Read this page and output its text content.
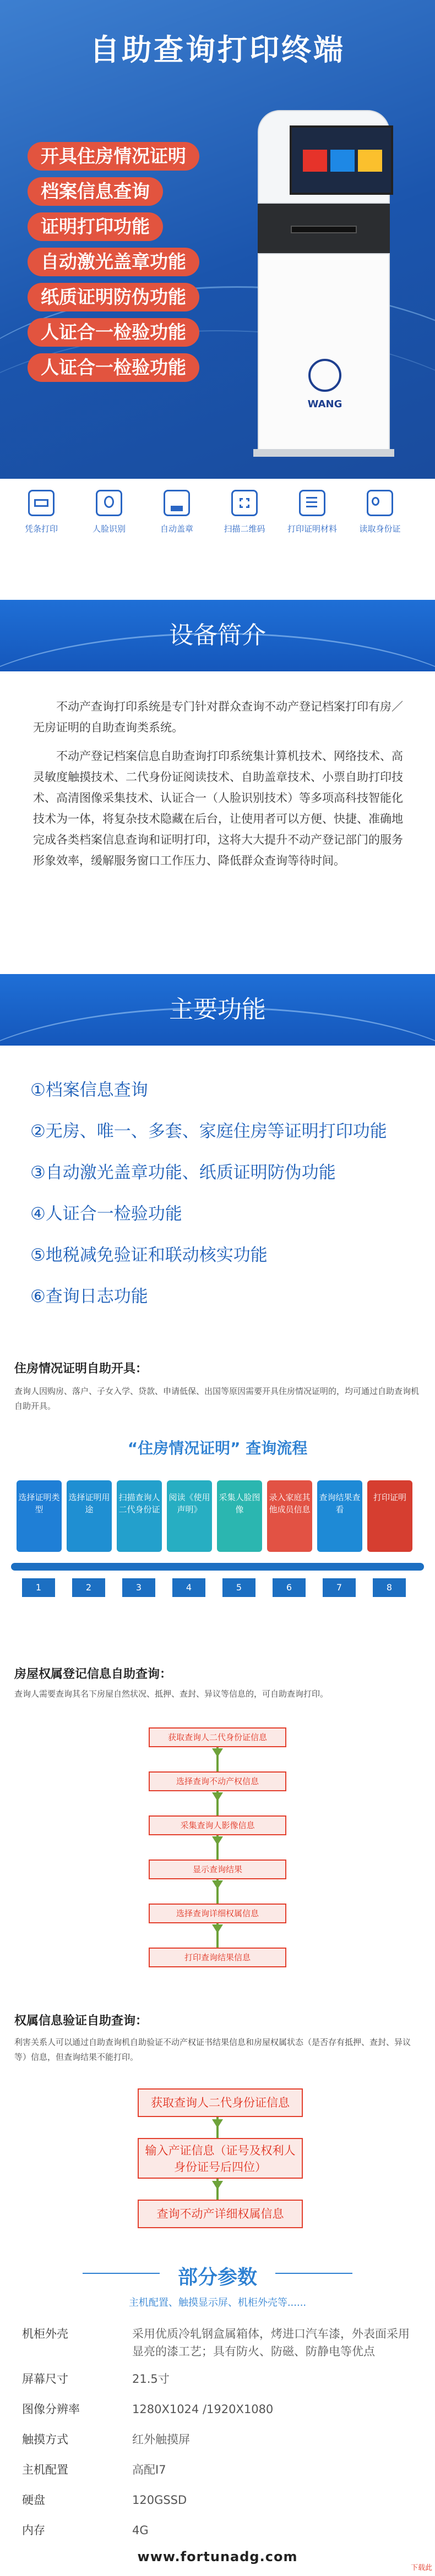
自助查询打印终端
开具住房情况证明
档案信息查询
证明打印功能
自动激光盖章功能
纸质证明防伪功能
人证合一检验功能
人证合一检验功能
WANG
凭条打印	人脸识别	自动盖章	扫描二维码	打印证明材料	读取身份证
设备简介
不动产查询打印系统是专门针对群众查询不动产登记档案打印有房／无房证明的自助查询类系统。
不动产登记档案信息自助查询打印系统集计算机技术、网络技术、高灵敏度触摸技术、二代身份证阅读技术、自助盖章技术、小票自助打印技术、高清图像采集技术、认证合一（人脸识别技术）等多项高科技智能化技术为一体，将复杂技术隐藏在后台，让使用者可以方便、快捷、准确地完成各类档案信息查询和证明打印，这将大大提升不动产登记部门的服务形象效率，缓解服务窗口工作压力、降低群众查询等待时间。
主要功能
①档案信息查询
②无房、唯一、多套、家庭住房等证明打印功能
③自动激光盖章功能、纸质证明防伪功能
④人证合一检验功能
⑤地税减免验证和联动核实功能
⑥查询日志功能
住房情况证明自助开具：
查询人因购房、落户、子女入学、贷款、申请低保、出国等原因需要开具住房情况证明的，均可通过自助查询机自助开具。
“住房情况证明” 查询流程
选择证明类型
选择证明用途
扫描查询人二代身份证
阅读《使用声明》
采集人脸图像
录入家庭其他成员信息
查询结果查看
打印证明
1	2	3	4	5	6	7	8
房屋权属登记信息自助查询：
查询人需要查询其名下房屋自然状况、抵押、查封、异议等信息的，可自助查询打印。
获取查询人二代身份证信息
选择查询不动产权信息
采集查询人影像信息
显示查询结果
选择查询详细权属信息
打印查询结果信息
权属信息验证自助查询：
利害关系人可以通过自助查询机自助验证不动产权证书结果信息和房屋权属状态（是否存有抵押、查封、异议等）信息，但查询结果不能打印。
获取查询人二代身份证信息
输入产证信息（证号及权利人身份证号后四位）
查询不动产详细权属信息
部分参数
主机配置、触摸显示屏、机柜外壳等......
机柜外壳	采用优质冷轧钢盒属箱体，烤进口汽车漆，外表面采用显亮的漆工艺；具有防火、防磁、防静电等优点
屏幕尺寸	21.5寸
图像分辨率	1280X1024 /1920X1080
触摸方式	红外触摸屏
主机配置	高配I7
硬盘	120GSSD
内存	4G
www.fortunadg.com
下载此
